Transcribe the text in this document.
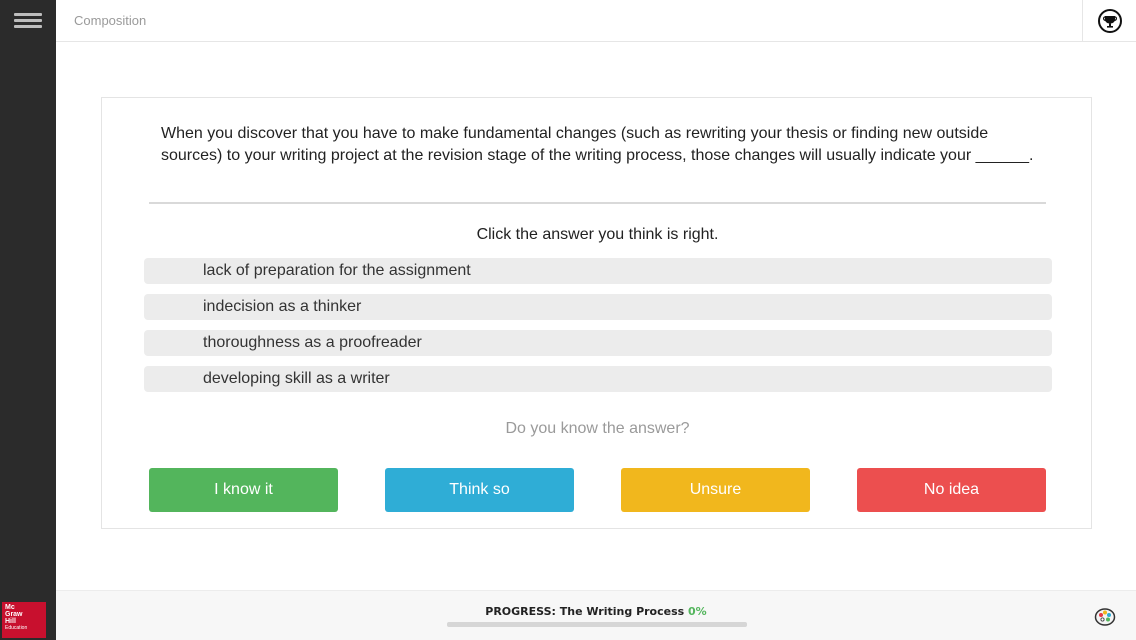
Mc
Graw
Hill
Education
Composition
When you discover that you have to make fundamental changes (such as rewriting your thesis or finding new outside sources) to your writing project at the revision stage of the writing process, those changes will usually indicate your ______.
Click the answer you think is right.
lack of preparation for the assignment
indecision as a thinker
thoroughness as a proofreader
developing skill as a writer
Do you know the answer?
I know it	Think so	Unsure	No idea
PROGRESS: The Writing Process 0%
